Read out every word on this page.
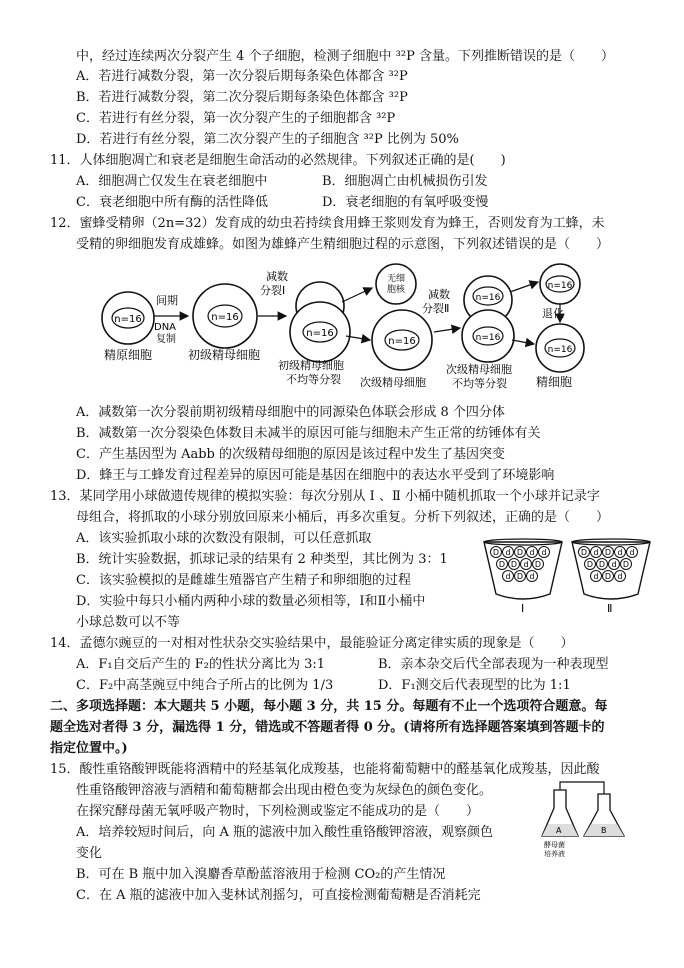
中，经过连续两次分裂产生 4 个子细胞，检测子细胞中 ³²P 含量。下列推断错误的是（　　）
A．若进行减数分裂，第一次分裂后期每条染色体都含 ³²P
B．若进行减数分裂，第二次分裂后期每条染色体都含 ³²P
C．若进行有丝分裂，第一次分裂产生的子细胞都含 ³²P
D．若进行有丝分裂，第二次分裂产生的子细胞含 ³²P 比例为 50%
11．人体细胞凋亡和衰老是细胞生命活动的必然规律。下列叙述正确的是(　　)
A．细胞凋亡仅发生在衰老细胞中	B．细胞凋亡由机械损伤引发
C．衰老细胞中所有酶的活性降低	D．衰老细胞的有氧呼吸变慢
12．蜜蜂受精卵（2n=32）发育成的幼虫若持续食用蜂王浆则发育为蜂王，否则发育为工蜂，未
受精的卵细胞发育成雄蜂。如图为雄蜂产生精细胞过程的示意图，下列叙述错误的是（　　）
n=16
精原细胞
间期
DNA
复制
n=16
初级精母细胞
减数
分裂Ⅰ
n=16
初级精母细胞
不均等分裂
无细
胞核
n=16
次级精母细胞
减数
分裂Ⅱ
n=16
n=16
次级精母细胞
不均等分裂
n=16
退化
n=16
精细胞
A．减数第一次分裂前期初级精母细胞中的同源染色体联会形成 8 个四分体
B．减数第一次分裂染色体数目未减半的原因可能与细胞未产生正常的纺锤体有关
C．产生基因型为 Aabb 的次级精母细胞的原因是该过程中发生了基因突变
D．蜂王与工蜂发育过程差异的原因可能是基因在细胞中的表达水平受到了环境影响
13．某同学用小球做遗传规律的模拟实验：每次分别从 Ⅰ 、Ⅱ 小桶中随机抓取一个小球并记录字
母组合，将抓取的小球分别放回原来小桶后，再多次重复。分析下列叙述，正确的是（　　）
A．该实验抓取小球的次数没有限制，可以任意抓取
B．统计实验数据，抓球记录的结果有 2 种类型，其比例为 3：1
C．该实验模拟的是雌雄生殖器官产生精子和卵细胞的过程
D．实验中每只小桶内两种小球的数量必须相等，Ⅰ和Ⅱ小桶中
小球总数可以不等
D d D d d
D D d D
d D d
D d D d d
D D d D
d D d
Ⅰ	Ⅱ
14．孟德尔豌豆的一对相对性状杂交实验结果中，最能验证分离定律实质的现象是（　　）
A．F₁自交后产生的 F₂的性状分离比为 3:1	B．亲本杂交后代全部表现为一种表现型
C．F₂中高茎豌豆中纯合子所占的比例为 1/3	D．F₁测交后代表现型的比为 1:1
二、多项选择题：本大题共 5 小题，每小题 3 分，共 15 分。每题有不止一个选项符合题意。每
题全选对者得 3 分，漏选得 1 分，错选或不答题者得 0 分。(请将所有选择题答案填到答题卡的
指定位置中。)
15．酸性重铬酸钾既能将酒精中的羟基氧化成羧基，也能将葡萄糖中的醛基氧化成羧基，因此酸
性重铬酸钾溶液与酒精和葡萄糖都会出现由橙色变为灰绿色的颜色变化。
在探究酵母菌无氧呼吸产物时，下列检测或鉴定不能成功的是（　　）
A．培养较短时间后，向 A 瓶的滤液中加入酸性重铬酸钾溶液，观察颜色
变化
B．可在 B 瓶中加入溴麝香草酚蓝溶液用于检测 CO₂的产生情况
C．在 A 瓶的滤液中加入斐林试剂摇匀，可直接检测葡萄糖是否消耗完
A	B
酵母菌
培养液
